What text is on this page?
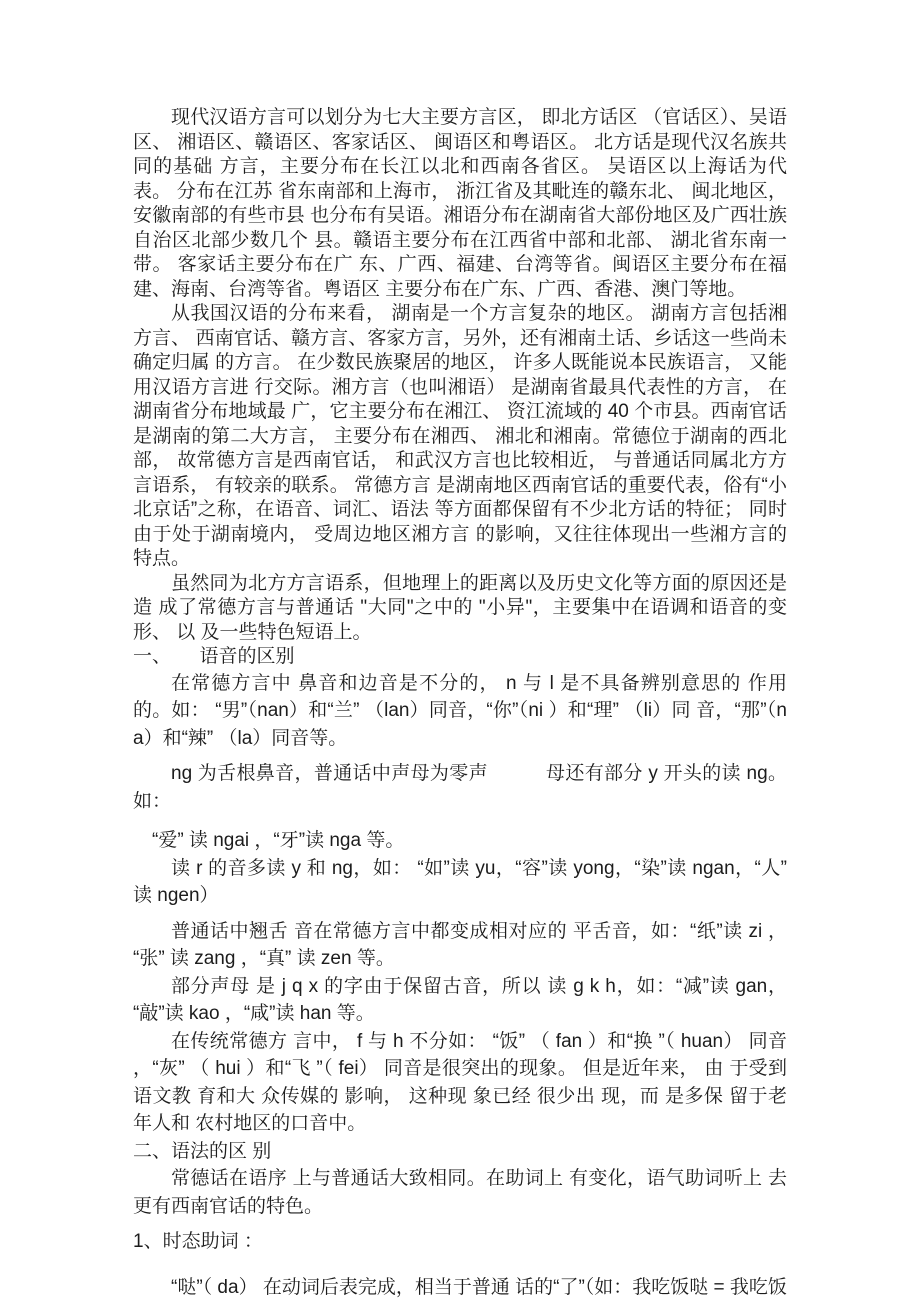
现代汉语方言可以划分为七大主要方言区， 即北方话区 （官话区）、吴语区、 湘语区、赣语区、客家话区、 闽语区和粤语区。 北方话是现代汉名族共同的基础 方言，主要分布在长江以北和西南各省区。 吴语区以上海话为代表。 分布在江苏 省东南部和上海市， 浙江省及其毗连的赣东北、 闽北地区， 安徽南部的有些市县 也分布有吴语。湘语分布在湖南省大部份地区及广西壮族自治区北部少数几个 县。赣语主要分布在江西省中部和北部、 湖北省东南一带。 客家话主要分布在广 东、广西、福建、台湾等省。闽语区主要分布在福建、海南、台湾等省。粤语区 主要分布在广东、广西、香港、澳门等地。

从我国汉语的分布来看， 湖南是一个方言复杂的地区。 湖南方言包括湘方言、 西南官话、赣方言、客家方言，另外，还有湘南土话、乡话这一些尚未确定归属 的方言。 在少数民族聚居的地区， 许多人既能说本民族语言， 又能用汉语方言进 行交际。湘方言（也叫湘语） 是湖南省最具代表性的方言， 在湖南省分布地域最 广，它主要分布在湘江、 资江流域的 40 个市县。西南官话是湖南的第二大方言， 主要分布在湘西、 湘北和湘南。常德位于湖南的西北部， 故常德方言是西南官话， 和武汉方言也比较相近， 与普通话同属北方方言语系， 有较亲的联系。 常德方言 是湖南地区西南官话的重要代表，俗有“小北京话”之称，在语音、词汇、语法 等方面都保留有不少北方话的特征； 同时由于处于湖南境内， 受周边地区湘方言 的影响，又往往体现出一些湘方言的特点。

虽然同为北方方言语系，但地理上的距离以及历史文化等方面的原因还是造 成了常德方言与普通话 "大同"之中的 "小异"，主要集中在语调和语音的变形、 以 及一些特色短语上。

一、　　语音的区别

在常德方言中 鼻音和边音是不分的， n 与 l 是不具备辨别意思的 作用 的。如： “男”（nan）和“兰” （lan）同音，“你”（ni ）和“理” （li）同 音，“那”（na）和“辣” （la）同音等。

ng 为舌根鼻音，普通话中声母为零声　　　母还有部分 y 开头的读 ng。如：

“爱” 读 ngai ，“牙”读 nga 等。

读 r 的音多读 y 和 ng，如： “如”读 yu，“容”读 yong，“染”读 ngan，“人” 读 ngen）

普通话中翘舌 音在常德方言中都变成相对应的 平舌音，如：“纸”读 zi ，“张” 读 zang ，“真” 读 zen 等。

部分声母 是 j q x 的字由于保留古音，所以 读 g k h，如：“减”读 gan，“敲”读 kao ，“咸”读 han 等。

在传统常德方 言中， f 与 h 不分如： “饭” （ fan ）和“换 ”（ huan） 同音 ，“灰” （ hui ）和“飞 ”（ fei） 同音是很突出的现象。 但是近年来， 由 于受到语文教 育和大 众传媒的 影响， 这种现 象已经 很少出 现，而 是多保 留于老年人和 农村地区的口音中。

二、语法的区 别

常德话在语序 上与普通话大致相同。在助词上 有变化，语气助词听上 去更有西南官话的特色。

1、时态助词 ：

“哒”（ da） 在动词后表完成，相当于普通 话的“了”（如：我吃饭哒 = 我吃饭
